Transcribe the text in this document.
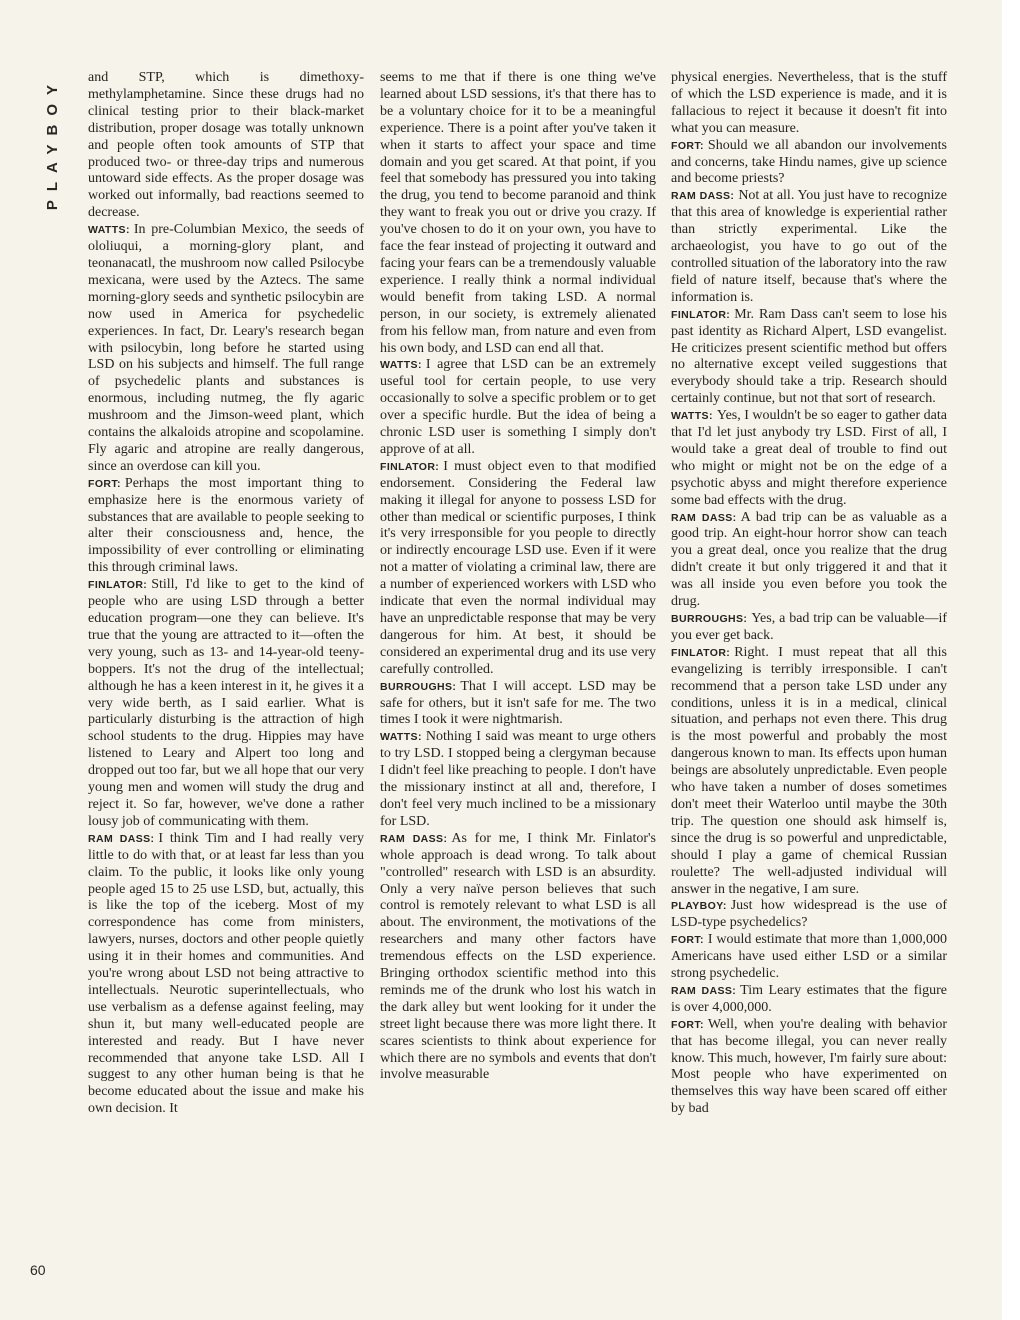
PLAYBOY
60

and STP, which is dimethoxy-methylamphetamine. Since these drugs had no clinical testing prior to their black-market distribution, proper dosage was totally unknown and people often took amounts of STP that produced two- or three-day trips and numerous untoward side effects. As the proper dosage was worked out informally, bad reactions seemed to decrease.

WATTS: In pre-Columbian Mexico, the seeds of ololiuqui, a morning-glory plant, and teonanacatl, the mushroom now called Psilocybe mexicana, were used by the Aztecs. The same morning-glory seeds and synthetic psilocybin are now used in America for psychedelic experiences. In fact, Dr. Leary's research began with psilocybin, long before he started using LSD on his subjects and himself. The full range of psychedelic plants and substances is enormous, including nutmeg, the fly agaric mushroom and the Jimson-weed plant, which contains the alkaloids atropine and scopolamine. Fly agaric and atropine are really dangerous, since an overdose can kill you.

FORT: Perhaps the most important thing to emphasize here is the enormous variety of substances that are available to people seeking to alter their consciousness and, hence, the impossibility of ever controlling or eliminating this through criminal laws.

FINLATOR: Still, I'd like to get to the kind of people who are using LSD through a better education program—one they can believe. It's true that the young are attracted to it—often the very young, such as 13- and 14-year-old teeny-boppers. It's not the drug of the intellectual; although he has a keen interest in it, he gives it a very wide berth, as I said earlier. What is particularly disturbing is the attraction of high school students to the drug. Hippies may have listened to Leary and Alpert too long and dropped out too far, but we all hope that our very young men and women will study the drug and reject it. So far, however, we've done a rather lousy job of communicating with them.

RAM DASS: I think Tim and I had really very little to do with that, or at least far less than you claim. To the public, it looks like only young people aged 15 to 25 use LSD, but, actually, this is like the top of the iceberg. Most of my correspondence has come from ministers, lawyers, nurses, doctors and other people quietly using it in their homes and communities. And you're wrong about LSD not being attractive to intellectuals. Neurotic superintellectuals, who use verbalism as a defense against feeling, may shun it, but many well-educated people are interested and ready. But I have never recommended that anyone take LSD. All I suggest to any other human being is that he become educated about the issue and make his own decision. It

seems to me that if there is one thing we've learned about LSD sessions, it's that there has to be a voluntary choice for it to be a meaningful experience. There is a point after you've taken it when it starts to affect your space and time domain and you get scared. At that point, if you feel that somebody has pressured you into taking the drug, you tend to become paranoid and think they want to freak you out or drive you crazy. If you've chosen to do it on your own, you have to face the fear instead of projecting it outward and facing your fears can be a tremendously valuable experience. I really think a normal individual would benefit from taking LSD. A normal person, in our society, is extremely alienated from his fellow man, from nature and even from his own body, and LSD can end all that.

WATTS: I agree that LSD can be an extremely useful tool for certain people, to use very occasionally to solve a specific problem or to get over a specific hurdle. But the idea of being a chronic LSD user is something I simply don't approve of at all.

FINLATOR: I must object even to that modified endorsement. Considering the Federal law making it illegal for anyone to possess LSD for other than medical or scientific purposes, I think it's very irresponsible for you people to directly or indirectly encourage LSD use. Even if it were not a matter of violating a criminal law, there are a number of experienced workers with LSD who indicate that even the normal individual may have an unpredictable response that may be very dangerous for him. At best, it should be considered an experimental drug and its use very carefully controlled.

BURROUGHS: That I will accept. LSD may be safe for others, but it isn't safe for me. The two times I took it were nightmarish.

WATTS: Nothing I said was meant to urge others to try LSD. I stopped being a clergyman because I didn't feel like preaching to people. I don't have the missionary instinct at all and, therefore, I don't feel very much inclined to be a missionary for LSD.

RAM DASS: As for me, I think Mr. Finlator's whole approach is dead wrong. To talk about "controlled" research with LSD is an absurdity. Only a very naïve person believes that such control is remotely relevant to what LSD is all about. The environment, the motivations of the researchers and many other factors have tremendous effects on the LSD experience. Bringing orthodox scientific method into this reminds me of the drunk who lost his watch in the dark alley but went looking for it under the street light because there was more light there. It scares scientists to think about experience for which there are no symbols and events that don't involve measurable

physical energies. Nevertheless, that is the stuff of which the LSD experience is made, and it is fallacious to reject it because it doesn't fit into what you can measure.

FORT: Should we all abandon our involvements and concerns, take Hindu names, give up science and become priests?

RAM DASS: Not at all. You just have to recognize that this area of knowledge is experiential rather than strictly experimental. Like the archaeologist, you have to go out of the controlled situation of the laboratory into the raw field of nature itself, because that's where the information is.

FINLATOR: Mr. Ram Dass can't seem to lose his past identity as Richard Alpert, LSD evangelist. He criticizes present scientific method but offers no alternative except veiled suggestions that everybody should take a trip. Research should certainly continue, but not that sort of research.

WATTS: Yes, I wouldn't be so eager to gather data that I'd let just anybody try LSD. First of all, I would take a great deal of trouble to find out who might or might not be on the edge of a psychotic abyss and might therefore experience some bad effects with the drug.

RAM DASS: A bad trip can be as valuable as a good trip. An eight-hour horror show can teach you a great deal, once you realize that the drug didn't create it but only triggered it and that it was all inside you even before you took the drug.

BURROUGHS: Yes, a bad trip can be valuable—if you ever get back.

FINLATOR: Right. I must repeat that all this evangelizing is terribly irresponsible. I can't recommend that a person take LSD under any conditions, unless it is in a medical, clinical situation, and perhaps not even there. This drug is the most powerful and probably the most dangerous known to man. Its effects upon human beings are absolutely unpredictable. Even people who have taken a number of doses sometimes don't meet their Waterloo until maybe the 30th trip. The question one should ask himself is, since the drug is so powerful and unpredictable, should I play a game of chemical Russian roulette? The well-adjusted individual will answer in the negative, I am sure.

PLAYBOY: Just how widespread is the use of LSD-type psychedelics?

FORT: I would estimate that more than 1,000,000 Americans have used either LSD or a similar strong psychedelic.

RAM DASS: Tim Leary estimates that the figure is over 4,000,000.

FORT: Well, when you're dealing with behavior that has become illegal, you can never really know. This much, however, I'm fairly sure about: Most people who have experimented on themselves this way have been scared off either by bad
